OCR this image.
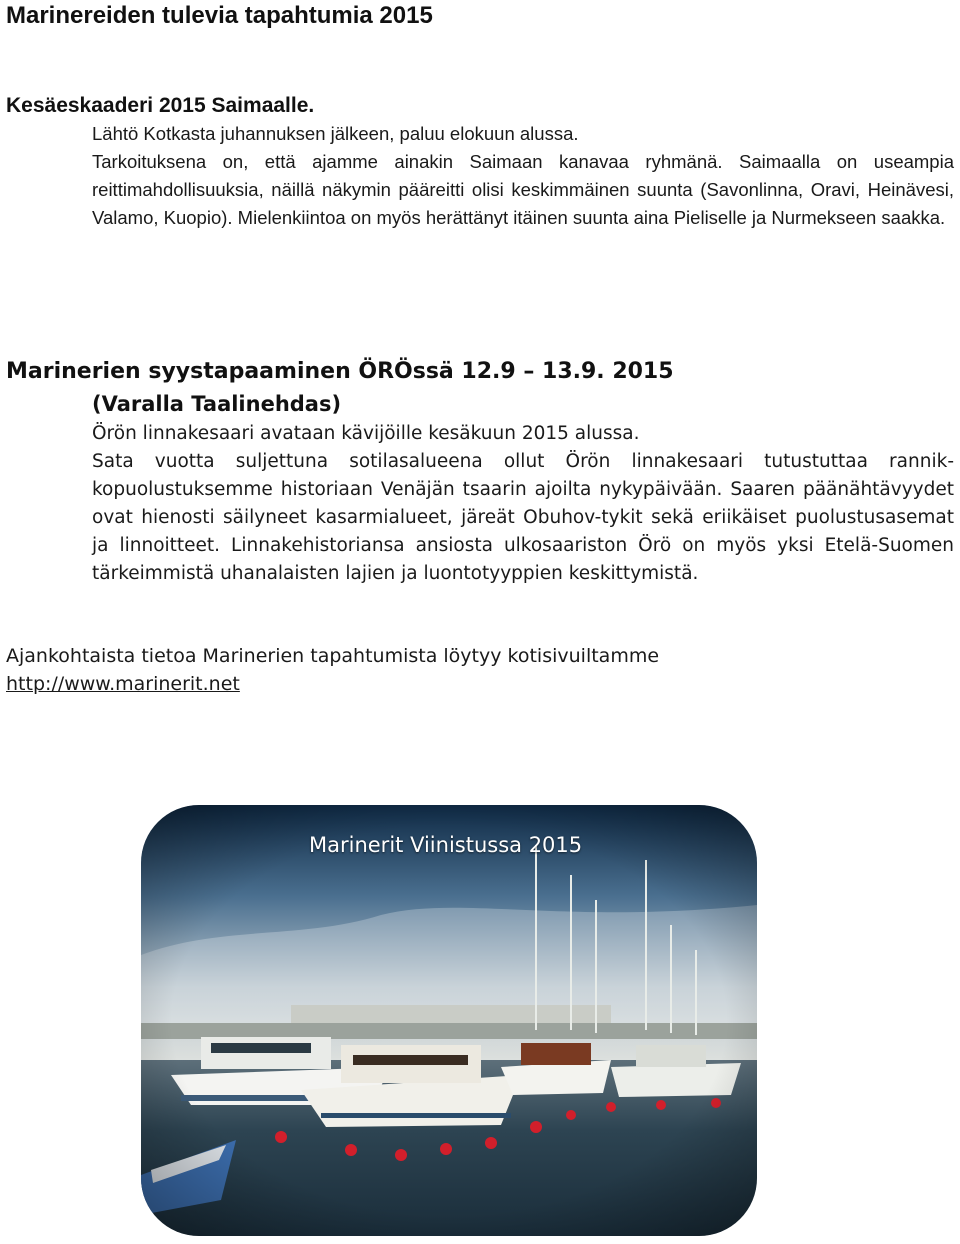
Marinereiden tulevia tapahtumia 2015
Kesäeskaaderi 2015 Saimaalle.
Lähtö Kotkasta juhannuksen jälkeen, paluu elokuun alussa.
Tarkoituksena on, että ajamme ainakin Saimaan kanavaa ryhmänä. Saimaalla on useampia reittimahdollisuuksia, näillä näkymin pääreitti olisi keskimmäinen suunta (Savonlinna, Oravi, Heinävesi, Valamo, Kuopio). Mielenkiintoa on myös herättänyt itäinen suunta aina Pieliselle ja Nurmekseen saakka.
Marinerien syystapaaminen ÖRÖssä 12.9 – 13.9. 2015
(Varalla Taalinehdas)
Örön linnakesaari avataan kävijöille kesäkuun 2015 alussa.
Sata vuotta suljettuna sotilasalueena ollut Örön linnakesaari tutustuttaa rannikkopuolustuksemme historiaan Venäjän tsaarin ajoilta nykypäivään. Saaren päänähtävyydet ovat hienosti säilyneet kasarmialueet, järeät Obuhov-tykit sekä eriikäiset puolustusasemat ja linnoitteet. Linnakehistoriansa ansiosta ulkosaariston Örö on myös yksi Etelä-Suomen tärkeimmistä uhanalaisten lajien ja luontotyyppien keskittymistä.
Ajankohtaista tietoa Marinerien tapahtumista löytyy kotisivuiltamme
http://www.marinerit.net
Marinerit Viinistussa 2015
